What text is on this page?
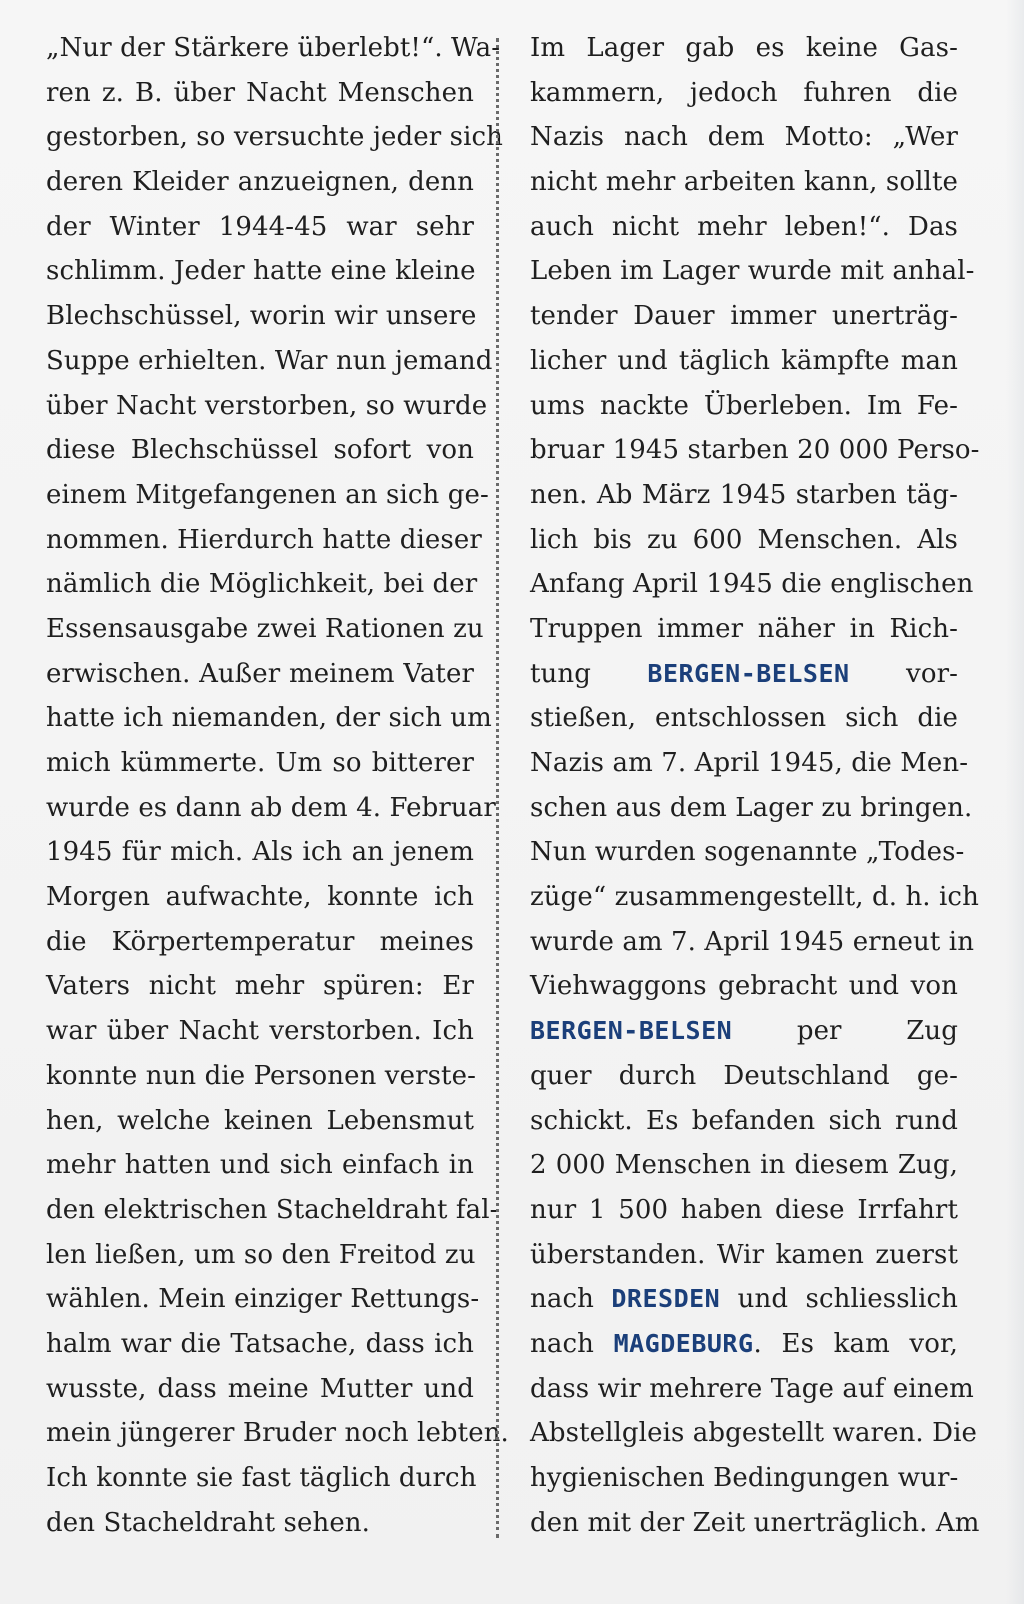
„Nur der Stärkere überlebt!“. Wa-
ren z. B. über Nacht Menschen
gestorben, so versuchte jeder sich
deren Kleider anzueignen, denn
der Winter 1944-45 war sehr
schlimm. Jeder hatte eine kleine
Blechschüssel, worin wir unsere
Suppe erhielten. War nun jemand
über Nacht verstorben, so wurde
diese Blechschüssel sofort von
einem Mitgefangenen an sich ge-
nommen. Hierdurch hatte dieser
nämlich die Möglichkeit, bei der
Essensausgabe zwei Rationen zu
erwischen. Außer meinem Vater
hatte ich niemanden, der sich um
mich kümmerte. Um so bitterer
wurde es dann ab dem 4. Februar
1945 für mich. Als ich an jenem
Morgen aufwachte, konnte ich
die Körpertemperatur meines
Vaters nicht mehr spüren: Er
war über Nacht verstorben. Ich
konnte nun die Personen verste-
hen, welche keinen Lebensmut
mehr hatten und sich einfach in
den elektrischen Stacheldraht fal-
len ließen, um so den Freitod zu
wählen. Mein einziger Rettungs-
halm war die Tatsache, dass ich
wusste, dass meine Mutter und
mein jüngerer Bruder noch lebten.
Ich konnte sie fast täglich durch
den Stacheldraht sehen.
Im Lager gab es keine Gas-
kammern, jedoch fuhren die
Nazis nach dem Motto: „Wer
nicht mehr arbeiten kann, sollte
auch nicht mehr leben!“. Das
Leben im Lager wurde mit anhal-
tender Dauer immer unerträg-
licher und täglich kämpfte man
ums nackte Überleben. Im Fe-
bruar 1945 starben 20 000 Perso-
nen. Ab März 1945 starben täg-
lich bis zu 600 Menschen. Als
Anfang April 1945 die englischen
Truppen immer näher in Rich-
tung BERGEN-BELSEN vor-
stießen, entschlossen sich die
Nazis am 7. April 1945, die Men-
schen aus dem Lager zu bringen.
Nun wurden sogenannte „Todes-
züge“ zusammengestellt, d. h. ich
wurde am 7. April 1945 erneut in
Viehwaggons gebracht und von
BERGEN-BELSEN per Zug
quer durch Deutschland ge-
schickt. Es befanden sich rund
2 000 Menschen in diesem Zug,
nur 1 500 haben diese Irrfahrt
überstanden. Wir kamen zuerst
nach DRESDEN und schliesslich
nach MAGDEBURG. Es kam vor,
dass wir mehrere Tage auf einem
Abstellgleis abgestellt waren. Die
hygienischen Bedingungen wur-
den mit der Zeit unerträglich. Am
